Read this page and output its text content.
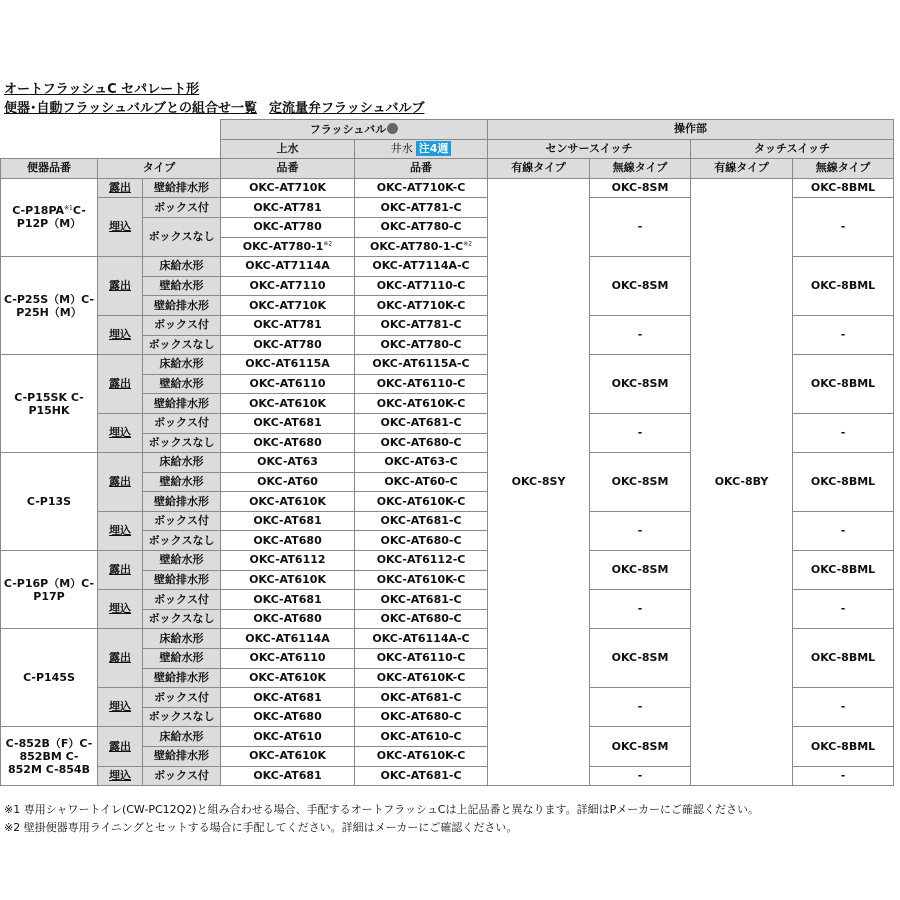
オートフラッシュC セパレート形
便器･自動フラッシュバルブとの組合せ一覧 定流量弁フラッシュバルブ
			フラッシュバル		操作部			
			上水	井水 注4週	センサースイッチ		タッチスイッチ	
便器品番	タイプ		品番	品番	有線タイプ	無線タイプ	有線タイプ	無線タイプ
C-P18PA$^{※1}$C-P12P（M）	露出	壁給排水形	OKC-AT710K	OKC-AT710K-C	OKC-8SY	OKC-8SM	OKC-8BY	OKC-8BML
	埋込	ボックス付	OKC-AT781	OKC-AT781-C		-		-
		ボックスなし	OKC-AT780	OKC-AT780-C				
			OKC-AT780-1$^{※2}$	OKC-$AT780-1-C^{※2}$
C-P25S（M）C-P25H（M）	露出	床給水形	OKC-AT7114A	OKC-AT7114A-C		OKC-8SM		OKC-8BML
		壁給水形	OKC-AT7110	OKC-AT7110-C				
		壁給排水形	OKC-AT710K	OKC-AT710K-C				
	埋込	ボックス付	OKC-AT781	OKC-AT781-C		-		-
		ボックスなし	OKC-AT780	OKC-AT780-C				
C-P15SK C-P15HK	露出	床給水形	OKC-AT6115A	OKC-AT6115A-C		OKC-8SM		OKC-8BML
		壁給水形	OKC-AT6110	OKC-AT6110-C				
		壁給排水形	OKC-AT610K	OKC-AT610K-C				
	埋込	ボックス付	OKC-AT681	OKC-AT681-C		-		-
		ボックスなし	OKC-AT680	OKC-AT680-C				
C-P13S	露出	床給水形	OKC-AT63	OKC-AT63-C		OKC-8SM		OKC-8BML
		壁給水形	OKC-AT60	OKC-AT60-C				
		壁給排水形	OKC-AT610K	OKC-AT610K-C				
	埋込	ボックス付	OKC-AT681	OKC-AT681-C		-		-
		ボックスなし	OKC-AT680	OKC-AT680-C				
C-P16P（M）C-P17P	露出	壁給水形	OKC-AT6112	OKC-AT6112-C		OKC-8SM		OKC-8BML
		壁給排水形	OKC-AT610K	OKC-AT610K-C				
	埋込	ボックス付	OKC-AT681	OKC-AT681-C		-		-
		ボックスなし	OKC-AT680	OKC-AT680-C				
C-P145S	露出	床給水形	OKC-AT6114A	OKC-AT6114A-C		OKC-8SM		OKC-8BML
		壁給水形	OKC-AT6110	OKC-AT6110-C				
		壁給排水形	OKC-AT610K	OKC-AT610K-C				
	埋込	ボックス付	OKC-AT681	OKC-AT681-C		-		-
		ボックスなし	OKC-AT680	OKC-AT680-C				
C-852B（F）C-852BM C-852M C-854B	露出	床給水形	OKC-AT610	OKC-AT610-C		OKC-8SM		OKC-8BML
		壁給排水形	OKC-AT610K	OKC-AT610K-C				
	埋込	ボックス付	OKC-AT681	OKC-AT681-C		-		-
※1 専用シャワートイレ(CW-PC12Q2)と組み合わせる場合、手配するオートフラッシュCは上記品番と異なります。詳細はPメーカーにご確認ください。
※2 壁掛便器専用ライニングとセットする場合に手配してください。詳細はメーカーにご確認ください。
